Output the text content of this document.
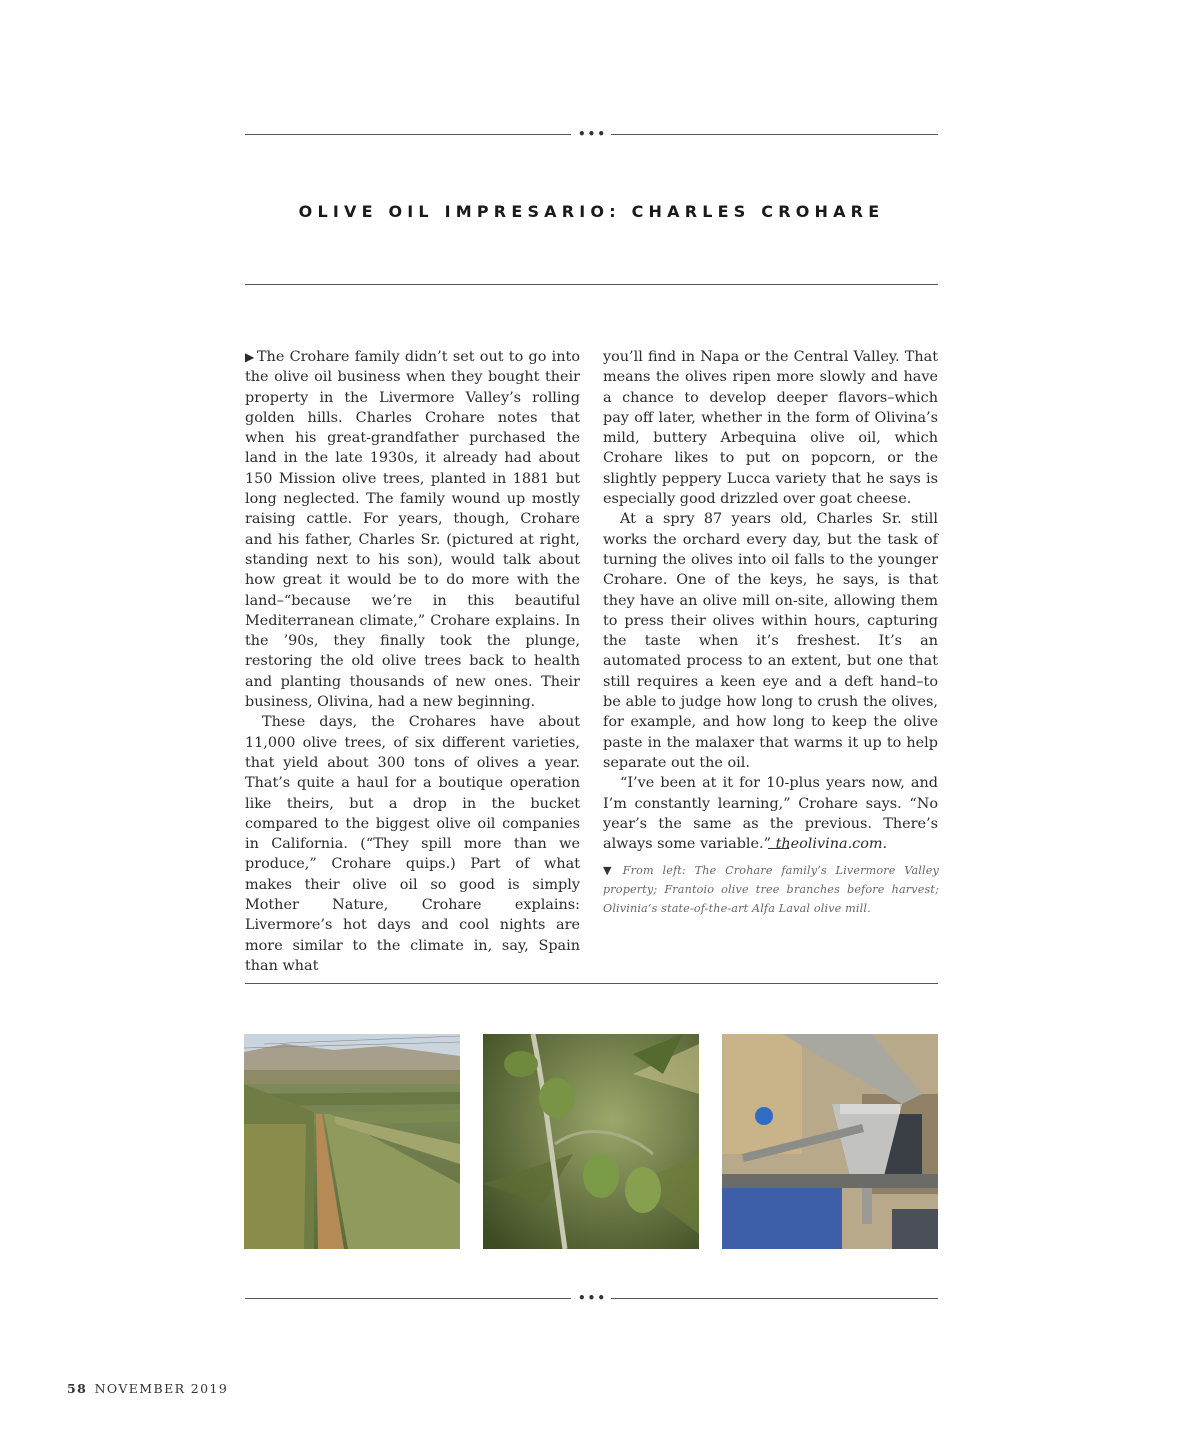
•••
OLIVE OIL IMPRESARIO: CHARLES CROHARE

▶ The Crohare family didn’t set out to go into the olive oil business when they bought their property in the Livermore Valley’s rolling golden hills. Charles Crohare notes that when his great-grandfather purchased the land in the late 1930s, it already had about 150 Mission olive trees, planted in 1881 but long neglected. The family wound up mostly raising cattle. For years, though, Crohare and his father, Charles Sr. (pictured at right, standing next to his son), would talk about how great it would be to do more with the land–“because we’re in this beautiful Mediterranean climate,” Crohare explains. In the ’90s, they finally took the plunge, restoring the old olive trees back to health and planting thousands of new ones. Their business, Olivina, had a new beginning.

These days, the Crohares have about 11,000 olive trees, of six different varieties, that yield about 300 tons of olives a year. That’s quite a haul for a boutique operation like theirs, but a drop in the bucket compared to the biggest olive oil companies in California. (“They spill more than we produce,” Crohare quips.) Part of what makes their olive oil so good is simply Mother Nature, Crohare explains: Livermore’s hot days and cool nights are more similar to the climate in, say, Spain than what

you’ll find in Napa or the Central Valley. That means the olives ripen more slowly and have a chance to develop deeper flavors–which pay off later, whether in the form of Olivina’s mild, buttery Arbequina olive oil, which Crohare likes to put on popcorn, or the slightly peppery Lucca variety that he says is especially good drizzled over goat cheese.

At a spry 87 years old, Charles Sr. still works the orchard every day, but the task of turning the olives into oil falls to the younger Crohare. One of the keys, he says, is that they have an olive mill on-site, allowing them to press their olives within hours, capturing the taste when it’s freshest. It’s an automated process to an extent, but one that still requires a keen eye and a deft hand–to be able to judge how long to crush the olives, for example, and how long to keep the olive paste in the malaxer that warms it up to help separate out the oil.

“I’ve been at it for 10-plus years now, and I’m constantly learning,” Crohare says. “No year’s the same as the previous. There’s always some variable.” theolivina.com.

▼ From left: The Crohare family’s Livermore Valley property; Frantoio olive tree branches before harvest; Olivinia’s state-of-the-art Alfa Laval olive mill.
•••
58 NOVEMBER 2019
